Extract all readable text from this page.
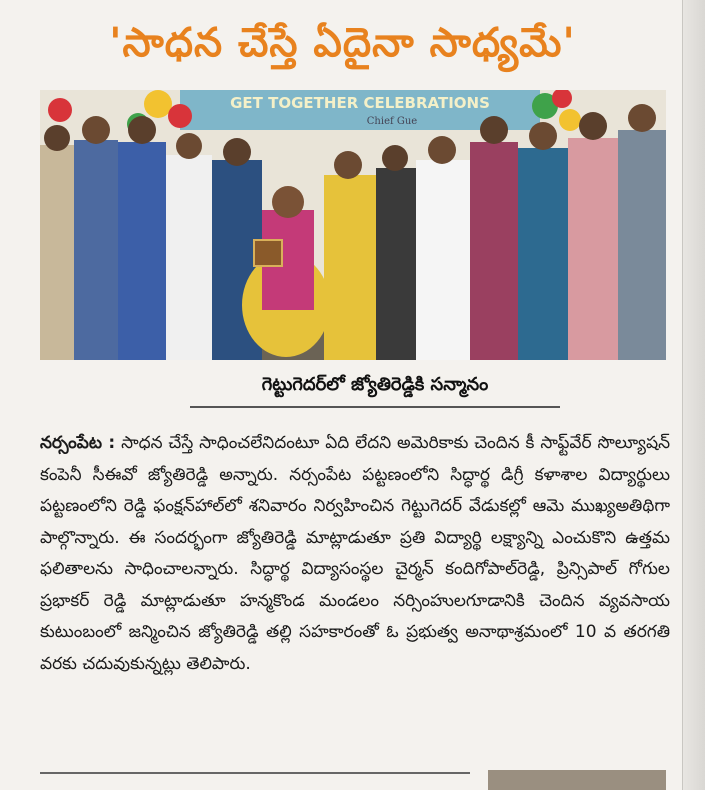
'సాధన చేస్తే ఏదైనా సాధ్యమే'
GET TOGETHER CELEBRATIONS
Chief Gue
గెట్టుగెదర్‌లో జ్యోతిరెడ్డికి సన్మానం
నర్సంపేట : సాధన చేస్తే సాధించలేనిదంటూ ఏది లేదని అమెరికాకు చెందిన కీ సాఫ్ట్‌వేర్ సొల్యూషన్ కంపెనీ సీఈవో జ్యోతిరెడ్డి అన్నారు. నర్సంపేట పట్టణంలోని సిద్ధార్థ డిగ్రీ కళాశాల విద్యార్థులు పట్టణంలోని రెడ్డి ఫంక్షన్‌హాల్‌లో శనివారం నిర్వహించిన గెట్టుగెదర్ వేడుకల్లో ఆమె ముఖ్యఅతిథిగా పాల్గొన్నారు. ఈ సందర్భంగా జ్యోతిరెడ్డి మాట్లాడుతూ ప్రతి విద్యార్థి లక్ష్యాన్ని ఎంచుకొని ఉత్తమ ఫలితాలను సాధించాలన్నారు. సిద్ధార్థ విద్యాసంస్థల చైర్మన్ కందిగోపాల్‌రెడ్డి, ప్రిన్సిపాల్ గోగుల ప్రభాకర్ రెడ్డి మాట్లాడుతూ హన్మకొండ మండలం నర్సింహులగూడానికి చెందిన వ్యవసాయ కుటుంబంలో జన్మించిన జ్యోతిరెడ్డి తల్లి సహకారంతో ఓ ప్రభుత్వ అనాథాశ్రమంలో 10 వ తరగతి వరకు చదువుకున్నట్లు తెలిపారు.
